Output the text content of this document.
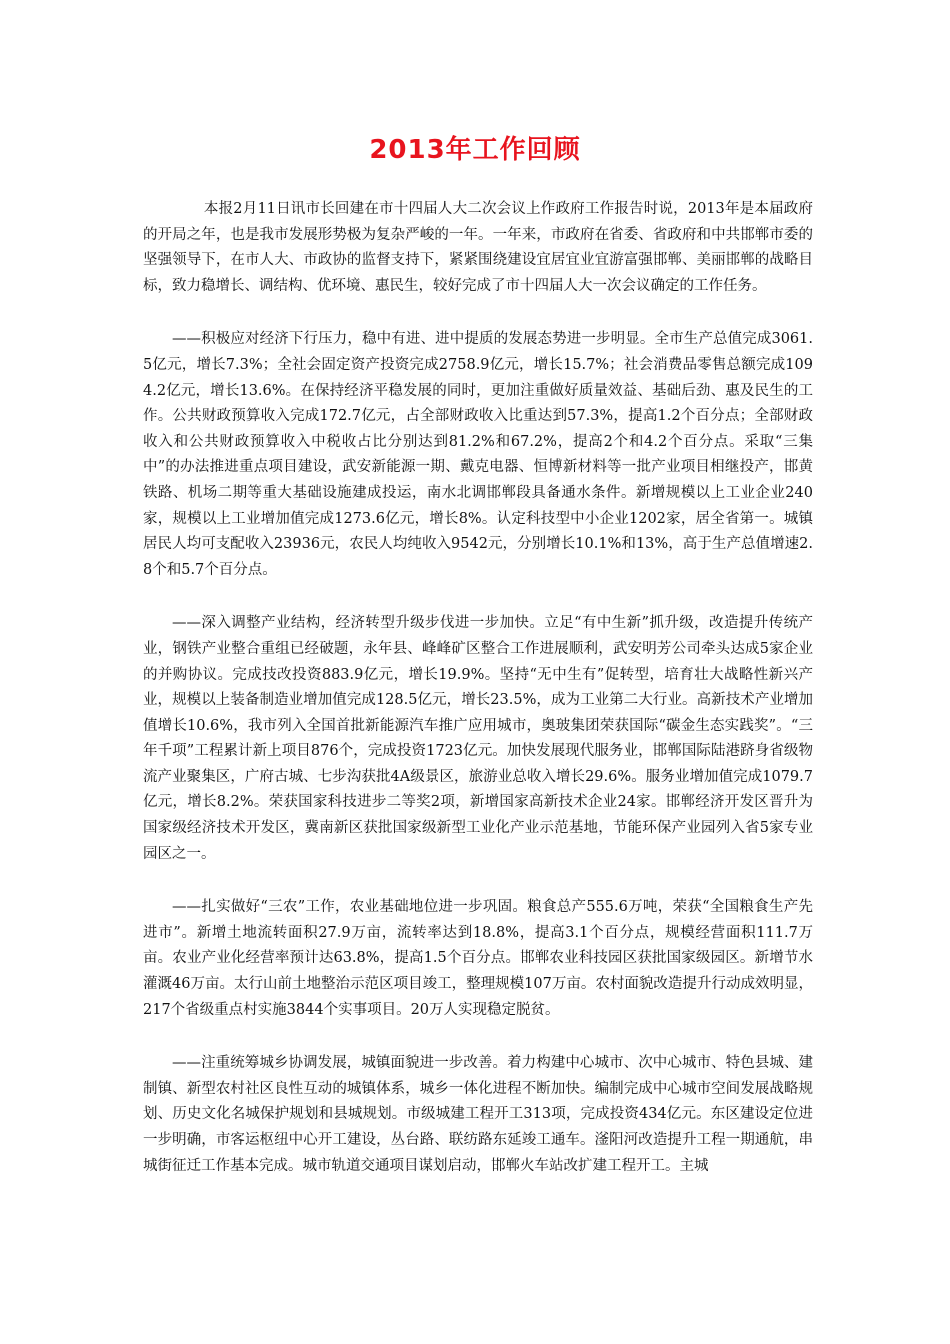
2013年工作回顾

本报2月11日讯市长回建在市十四届人大二次会议上作政府工作报告时说，2013年是本届政府的开局之年，也是我市发展形势极为复杂严峻的一年。一年来，市政府在省委、省政府和中共邯郸市委的坚强领导下，在市人大、市政协的监督支持下，紧紧围绕建设宜居宜业宜游富强邯郸、美丽邯郸的战略目标，致力稳增长、调结构、优环境、惠民生，较好完成了市十四届人大一次会议确定的工作任务。

——积极应对经济下行压力，稳中有进、进中提质的发展态势进一步明显。全市生产总值完成3061.5亿元，增长7.3%；全社会固定资产投资完成2758.9亿元，增长15.7%；社会消费品零售总额完成1094.2亿元，增长13.6%。在保持经济平稳发展的同时，更加注重做好质量效益、基础后劲、惠及民生的工作。公共财政预算收入完成172.7亿元，占全部财政收入比重达到57.3%，提高1.2个百分点；全部财政收入和公共财政预算收入中税收占比分别达到81.2%和67.2%，提高2个和4.2个百分点。采取“三集中”的办法推进重点项目建设，武安新能源一期、戴克电器、恒博新材料等一批产业项目相继投产，邯黄铁路、机场二期等重大基础设施建成投运，南水北调邯郸段具备通水条件。新增规模以上工业企业240家，规模以上工业增加值完成1273.6亿元，增长8%。认定科技型中小企业1202家，居全省第一。城镇居民人均可支配收入23936元，农民人均纯收入9542元，分别增长10.1%和13%，高于生产总值增速2.8个和5.7个百分点。

——深入调整产业结构，经济转型升级步伐进一步加快。立足“有中生新”抓升级，改造提升传统产业，钢铁产业整合重组已经破题，永年县、峰峰矿区整合工作进展顺利，武安明芳公司牵头达成5家企业的并购协议。完成技改投资883.9亿元，增长19.9%。坚持“无中生有”促转型，培育壮大战略性新兴产业，规模以上装备制造业增加值完成128.5亿元，增长23.5%，成为工业第二大行业。高新技术产业增加值增长10.6%，我市列入全国首批新能源汽车推广应用城市，奥玻集团荣获国际“碳金生态实践奖”。“三年千项”工程累计新上项目876个，完成投资1723亿元。加快发展现代服务业，邯郸国际陆港跻身省级物流产业聚集区，广府古城、七步沟获批4A级景区，旅游业总收入增长29.6%。服务业增加值完成1079.7亿元，增长8.2%。荣获国家科技进步二等奖2项，新增国家高新技术企业24家。邯郸经济开发区晋升为国家级经济技术开发区，冀南新区获批国家级新型工业化产业示范基地，节能环保产业园列入省5家专业园区之一。

——扎实做好“三农”工作，农业基础地位进一步巩固。粮食总产555.6万吨，荣获“全国粮食生产先进市”。新增土地流转面积27.9万亩，流转率达到18.8%，提高3.1个百分点，规模经营面积111.7万亩。农业产业化经营率预计达63.8%，提高1.5个百分点。邯郸农业科技园区获批国家级园区。新增节水灌溉46万亩。太行山前土地整治示范区项目竣工，整理规模107万亩。农村面貌改造提升行动成效明显，217个省级重点村实施3844个实事项目。20万人实现稳定脱贫。

——注重统筹城乡协调发展，城镇面貌进一步改善。着力构建中心城市、次中心城市、特色县城、建制镇、新型农村社区良性互动的城镇体系，城乡一体化进程不断加快。编制完成中心城市空间发展战略规划、历史文化名城保护规划和县城规划。市级城建工程开工313项，完成投资434亿元。东区建设定位进一步明确，市客运枢纽中心开工建设，丛台路、联纺路东延竣工通车。滏阳河改造提升工程一期通航，串城街征迁工作基本完成。城市轨道交通项目谋划启动，邯郸火车站改扩建工程开工。主城
